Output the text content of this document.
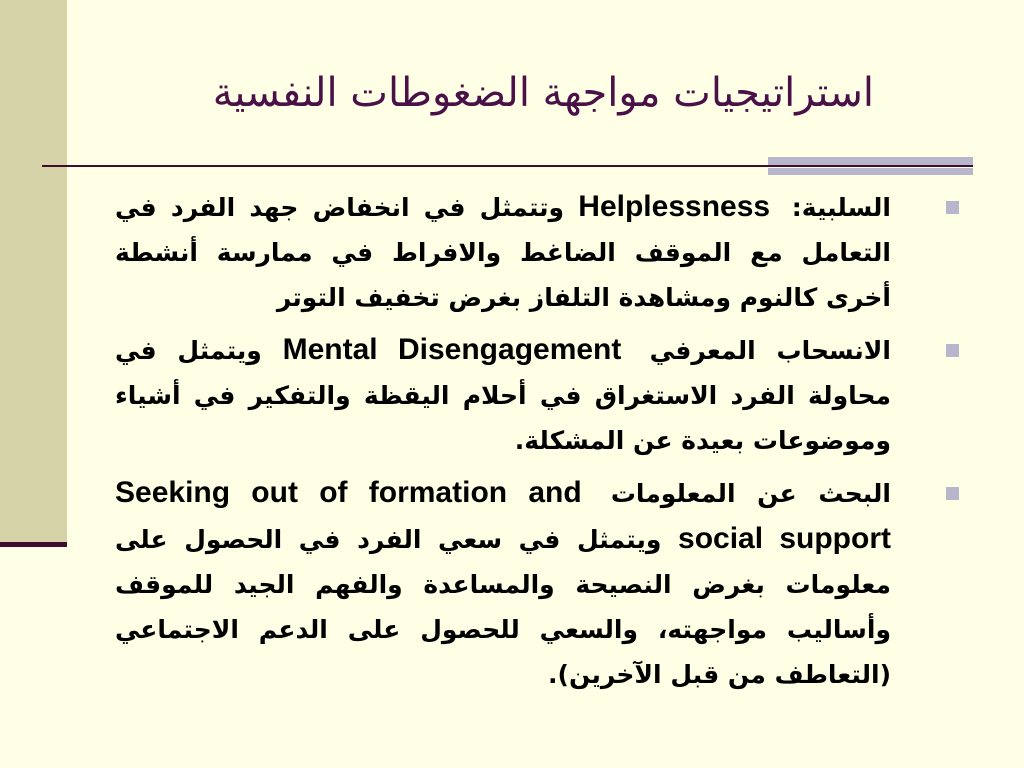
استراتيجيات مواجهة الضغوطات النفسية
السلبية: Helplessness وتتمثل في انخفاض جهد الفرد في التعامل مع الموقف الضاغط والافراط في ممارسة أنشطة أخرى كالنوم ومشاهدة التلفاز بغرض تخفيف التوتر
الانسحاب المعرفي Mental Disengagement ويتمثل في محاولة الفرد الاستغراق في أحلام اليقظة والتفكير في أشياء وموضوعات بعيدة عن المشكلة.
البحث عن المعلومات Seeking out of formation and social support ويتمثل في سعي الفرد في الحصول على معلومات بغرض النصيحة والمساعدة والفهم الجيد للموقف وأساليب مواجهته، والسعي للحصول على الدعم الاجتماعي (التعاطف من قبل الآخرين).
